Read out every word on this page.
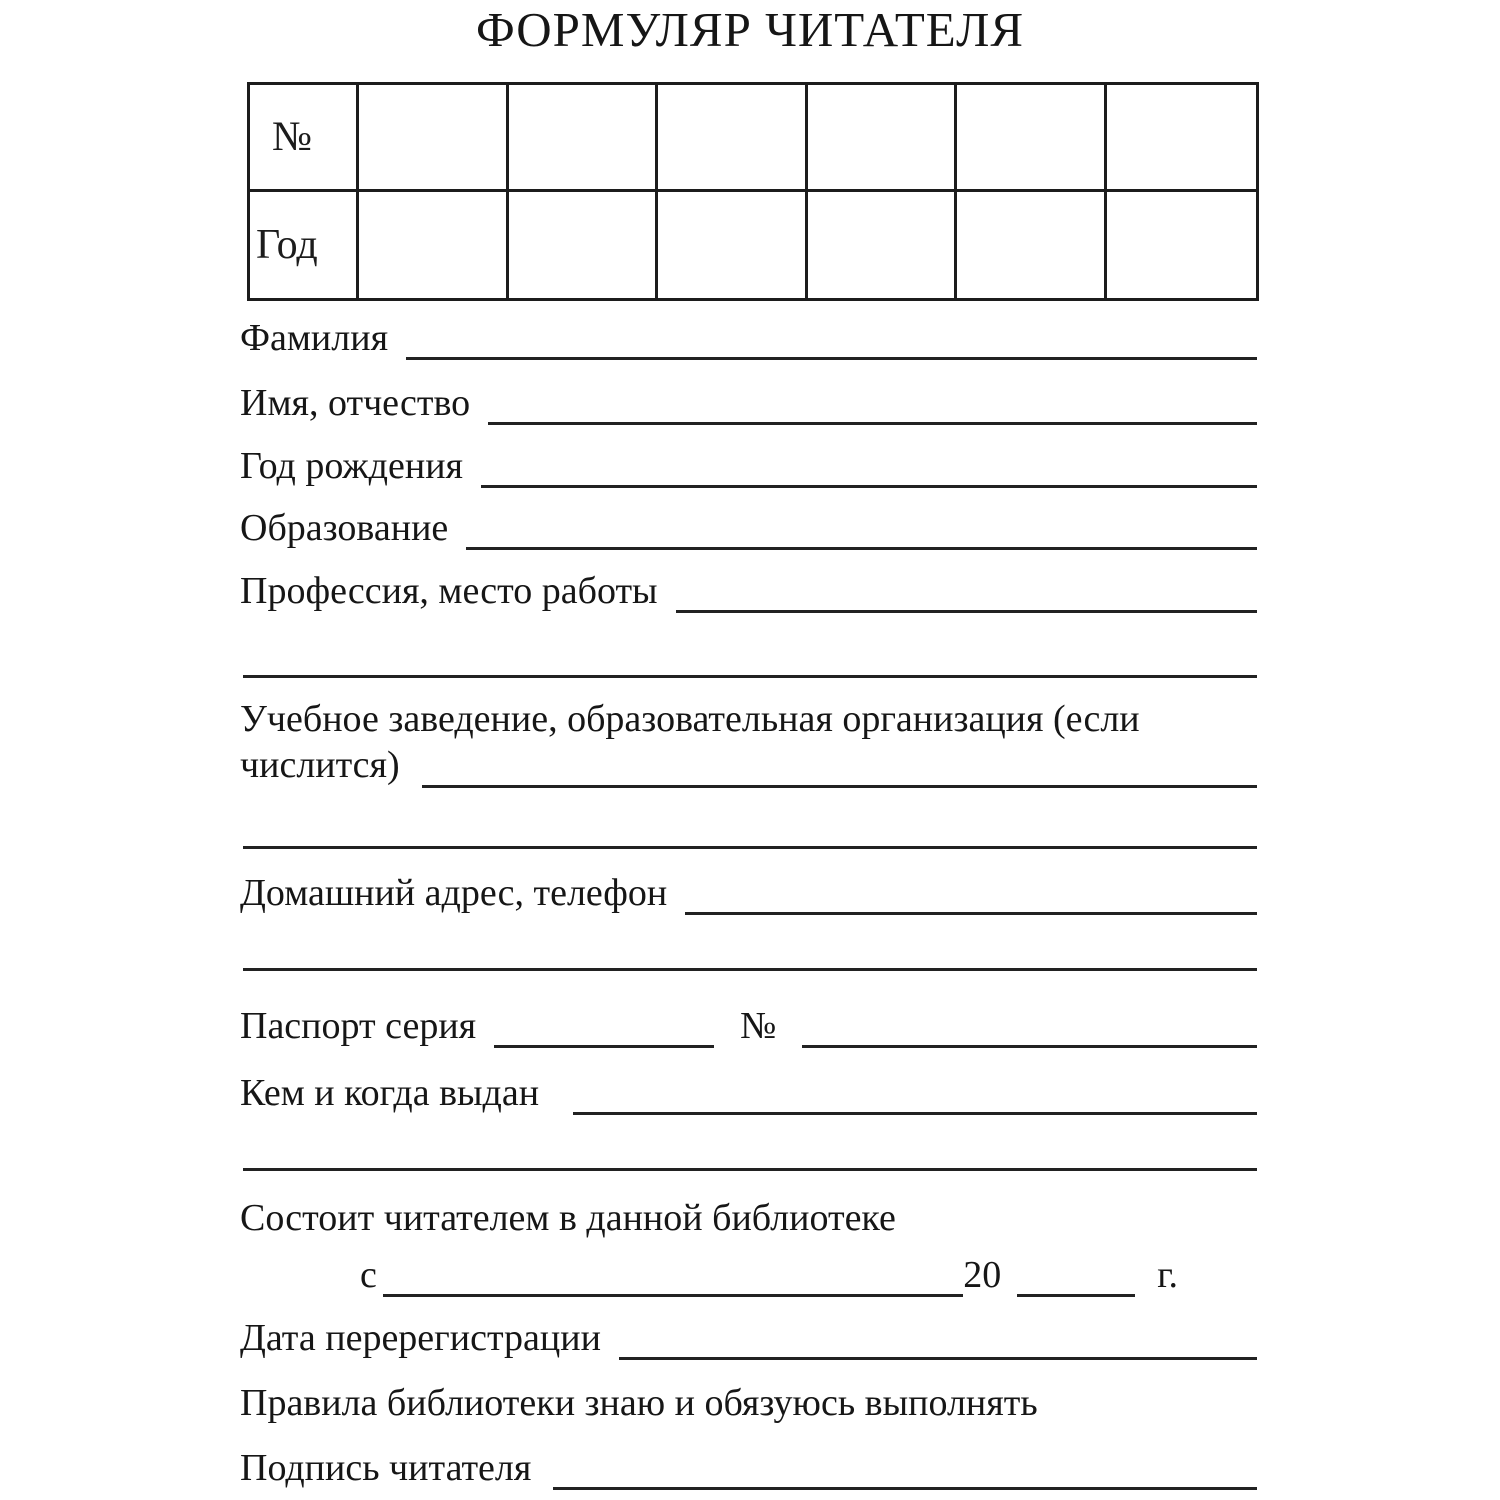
ФОРМУЛЯР ЧИТАТЕЛЯ
№
Год
Фамилия
Имя, отчество
Год рождения
Образование
Профессия, место работы
Учебное заведение, образовательная организация (если
числится)
Домашний адрес, телефон
Паспорт серия	№
Кем и когда выдан
Состоит читателем в данной библиотеке
с	20	г.
Дата перерегистрации
Правила библиотеки знаю и обязуюсь выполнять
Подпись читателя
